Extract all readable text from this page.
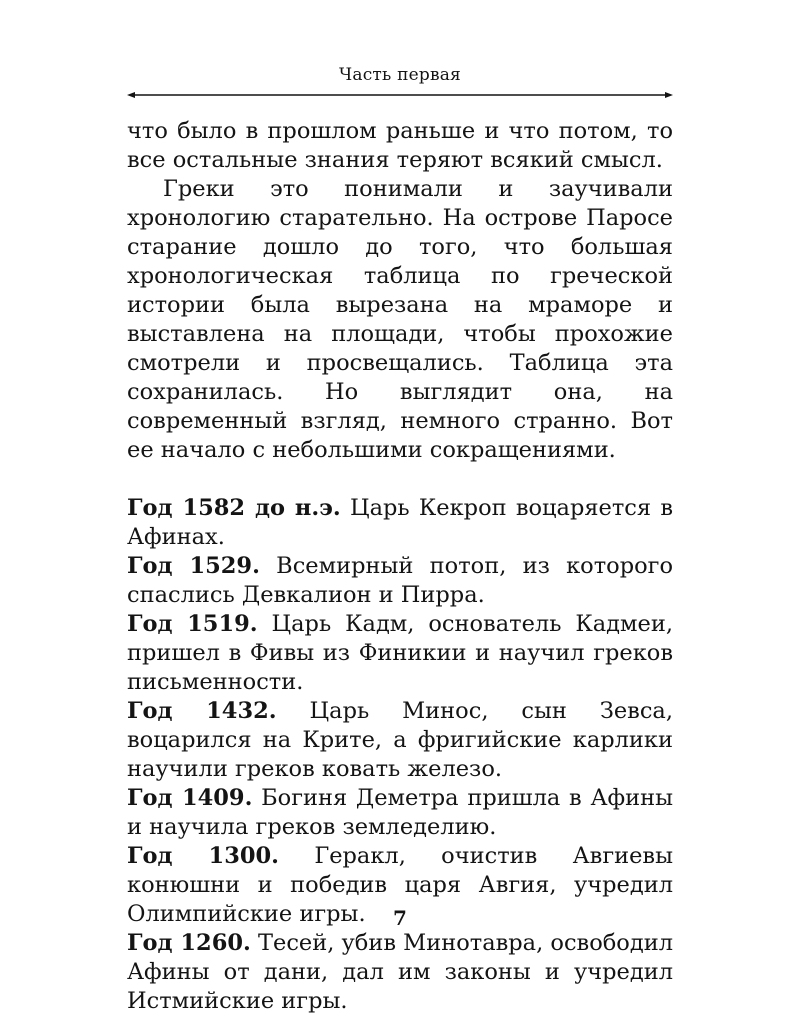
Часть первая

что было в прошлом раньше и что потом, то все остальные знания теряют всякий смысл.

Греки это понимали и заучивали хронологию старательно. На острове Паросе старание дошло до того, что большая хронологическая таблица по греческой истории была вырезана на мраморе и выставлена на площади, чтобы прохожие смотрели и просвещались. Таблица эта сохранилась. Но выглядит она, на современный взгляд, немного странно. Вот ее начало с небольшими сокращениями.

Год 1582 до н.э. Царь Кекроп воцаряется в Афинах.

Год 1529. Всемирный потоп, из которого спаслись Девкалион и Пирра.

Год 1519. Царь Кадм, основатель Кадмеи, пришел в Фивы из Финикии и научил греков письменности.

Год 1432. Царь Минос, сын Зевса, воцарился на Крите, а фригийские карлики научили греков ковать железо.

Год 1409. Богиня Деметра пришла в Афины и научила греков земледелию.

Год 1300. Геракл, очистив Авгиевы конюшни и победив царя Авгия, учредил Олимпийские игры.

Год 1260. Тесей, убив Минотавра, освободил Афины от дани, дал им законы и учредил Истмийские игры.

7
